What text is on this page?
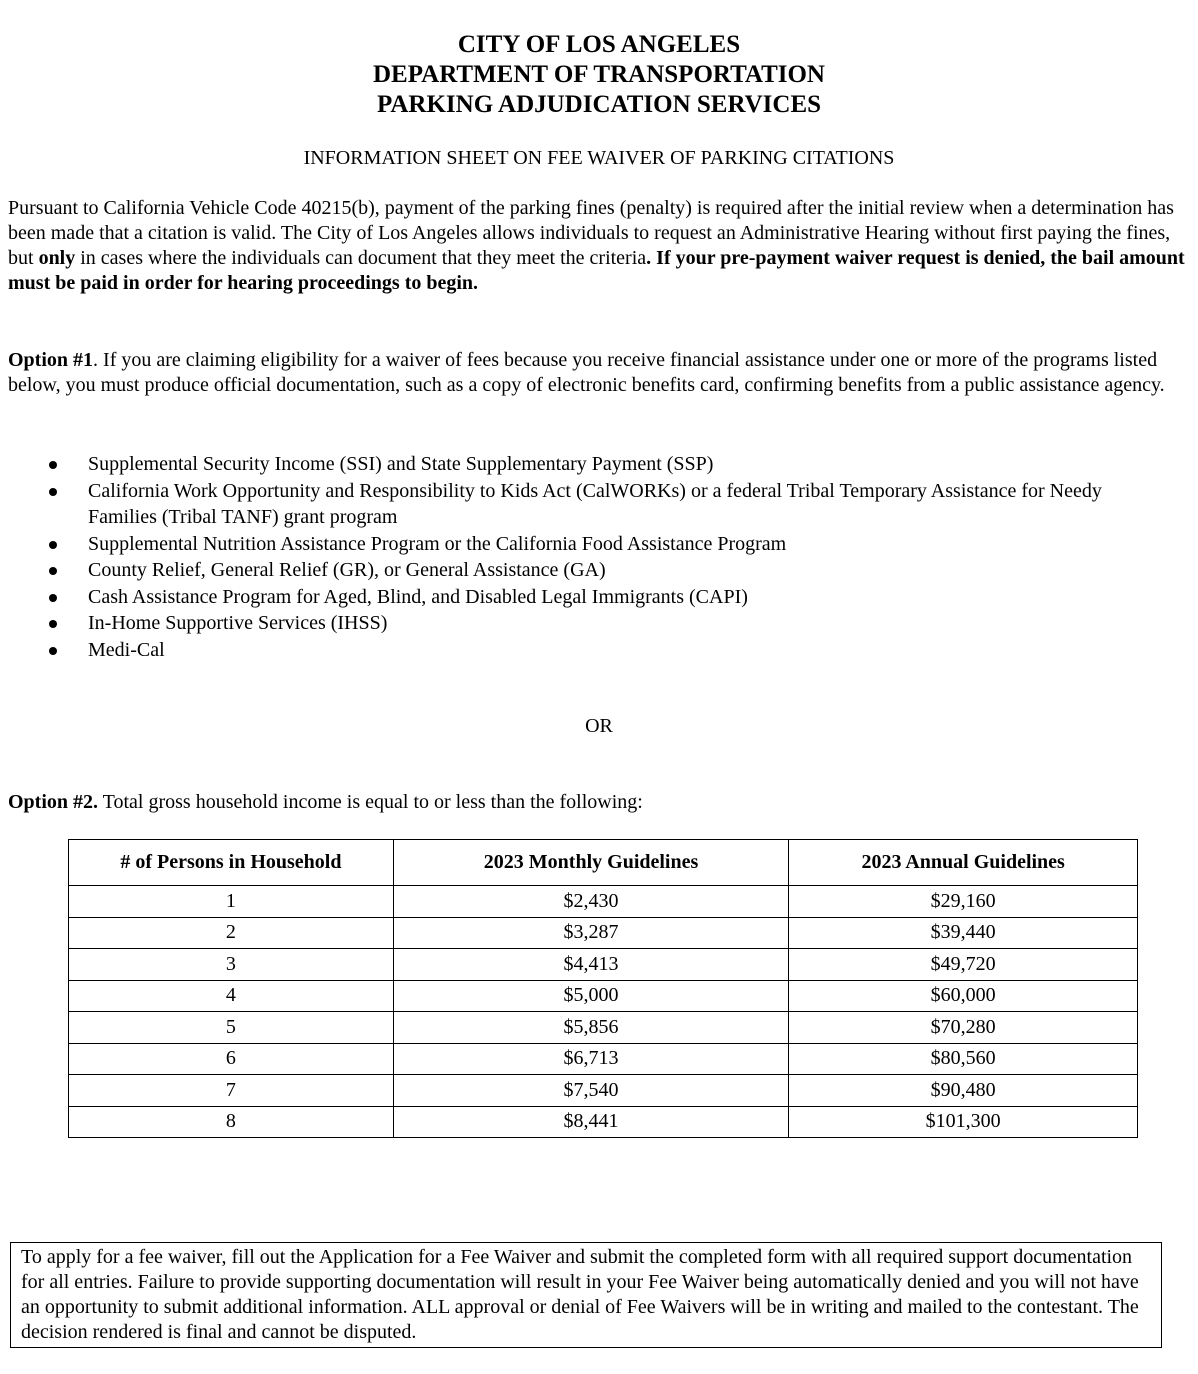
CITY OF LOS ANGELES
DEPARTMENT OF TRANSPORTATION
PARKING ADJUDICATION SERVICES
INFORMATION SHEET ON FEE WAIVER OF PARKING CITATIONS
Pursuant to California Vehicle Code 40215(b), payment of the parking fines (penalty) is required after the initial review when a determination has been made that a citation is valid. The City of Los Angeles allows individuals to request an Administrative Hearing without first paying the fines, but only in cases where the individuals can document that they meet the criteria. If your pre-payment waiver request is denied, the bail amount must be paid in order for hearing proceedings to begin.
Option #1. If you are claiming eligibility for a waiver of fees because you receive financial assistance under one or more of the programs listed below, you must produce official documentation, such as a copy of electronic benefits card, confirming benefits from a public assistance agency.
Supplemental Security Income (SSI) and State Supplementary Payment (SSP)
California Work Opportunity and Responsibility to Kids Act (CalWORKs) or a federal Tribal Temporary Assistance for Needy Families (Tribal TANF) grant program
Supplemental Nutrition Assistance Program or the California Food Assistance Program
County Relief, General Relief (GR), or General Assistance (GA)
Cash Assistance Program for Aged, Blind, and Disabled Legal Immigrants (CAPI)
In-Home Supportive Services (IHSS)
Medi-Cal
OR
Option #2. Total gross household income is equal to or less than the following:
# of Persons in Household	2023 Monthly Guidelines	2023 Annual Guidelines
1	$2,430	$29,160
2	$3,287	$39,440
3	$4,413	$49,720
4	$5,000	$60,000
5	$5,856	$70,280
6	$6,713	$80,560
7	$7,540	$90,480
8	$8,441	$101,300
To apply for a fee waiver, fill out the Application for a Fee Waiver and submit the completed form with all required support documentation for all entries. Failure to provide supporting documentation will result in your Fee Waiver being automatically denied and you will not have an opportunity to submit additional information. ALL approval or denial of Fee Waivers will be in writing and mailed to the contestant. The decision rendered is final and cannot be disputed.
